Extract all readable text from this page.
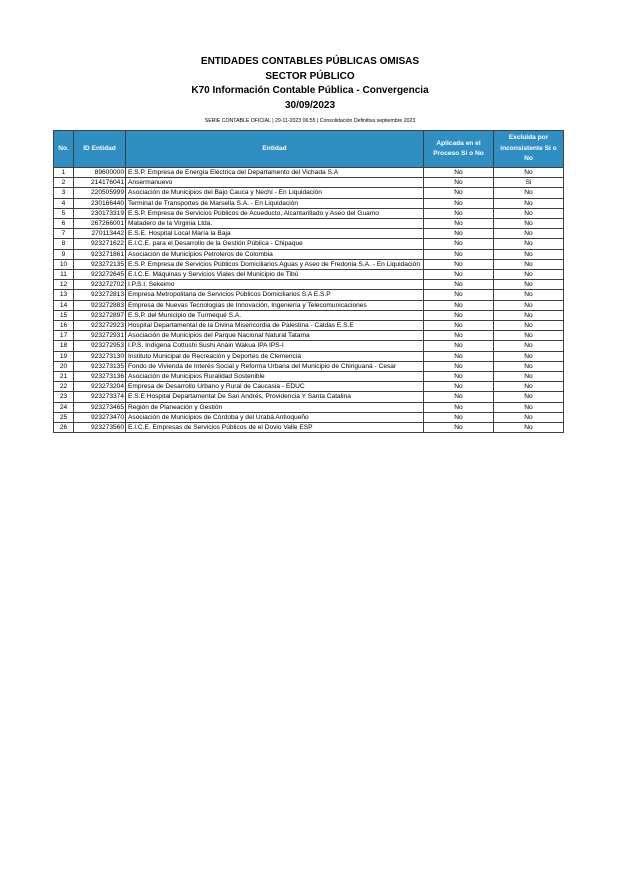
ENTIDADES CONTABLES PÚBLICAS OMISAS
SECTOR PÚBLICO
K70 Información Contable Pública - Convergencia
30/09/2023
SERIE CONTABLE OFICIAL | 29-11-2023 06:55 | Consolidación Definitiva septiembre 2023
No.	ID Entidad	Entidad	Aplicada en el Proceso Si o No	Excluida por inconsistente Si o No
1	89600000	E.S.P. Empresa de Energía Eléctrica del Departamento del Vichada S.A	No	No
2	214176041	Ansermanuevo	No	Si
3	220505999	Asociación de Municipios del Bajo Cauca y Nechí - En Liquidación	No	No
4	230166440	Terminal de Transportes de Marsella S.A. - En Liquidación	No	No
5	230173319	E.S.P. Empresa de Servicios Públicos de Acueducto, Alcantarillado y Aseo del Guamo	No	No
6	267266001	Matadero de la Virginia Ltda.	No	No
7	270113442	E.S.E. Hospital Local María la Baja	No	No
8	923271622	E.I.C.E. para el Desarrollo de la Gestión Pública - Chipaque	No	No
9	923271861	Asociación de Municipios Petroleros de Colombia	No	No
10	923272135	E.S.P. Empresa de Servicios Públicos Domiciliarios Aguas y Aseo de Fredonia S.A. - En Liquidación	No	No
11	923272645	E.I.C.E. Máquinas y Servicios Viales del Municipio de Tibú	No	No
12	923272702	I.P.S.I. Sekeimo	No	No
13	923272813	Empresa Metropolitana de Servicios Públicos Domiciliarios S.A E.S.P	No	No
14	923272883	Empresa de Nuevas Tecnologías de Innovación, Ingeniería y Telecomunicaciones	No	No
15	923272897	E.S.P. del Municipio de Turmequé S.A.	No	No
16	923272923	Hospital Departamental de la Divina Misericordia de Palestina - Caldas E.S.E	No	No
17	923272931	Asociación de Municipios del Parque Nacional Natural Tatama	No	No
18	923272953	I.P.S. Indígena Cottushi Sushi Anáin Wakua IPA IPS-I	No	No
19	923273130	Instituto Municipal de Recreación y Deportes de Clemencia	No	No
20	923273135	Fondo de Vivienda de Interés Social y Reforma Urbana del Municipio de Chiriguaná - Cesar	No	No
21	923273136	Asociación de Municipios Ruralidad Sostenible	No	No
22	923273204	Empresa de Desarrollo Urbano y Rural de Caucasia - EDUC	No	No
23	923273374	E.S.E Hospital Departamental De San Andrés, Providencia Y Santa Catalina	No	No
24	923273465	Región de Planeación y Gestión	No	No
25	923273470	Asociación de Municipios de Córdoba y del Urabá Antioqueño	No	No
26	923273560	E.I.C.E. Empresas de Servicios Públicos de el Dovio Valle ESP	No	No
